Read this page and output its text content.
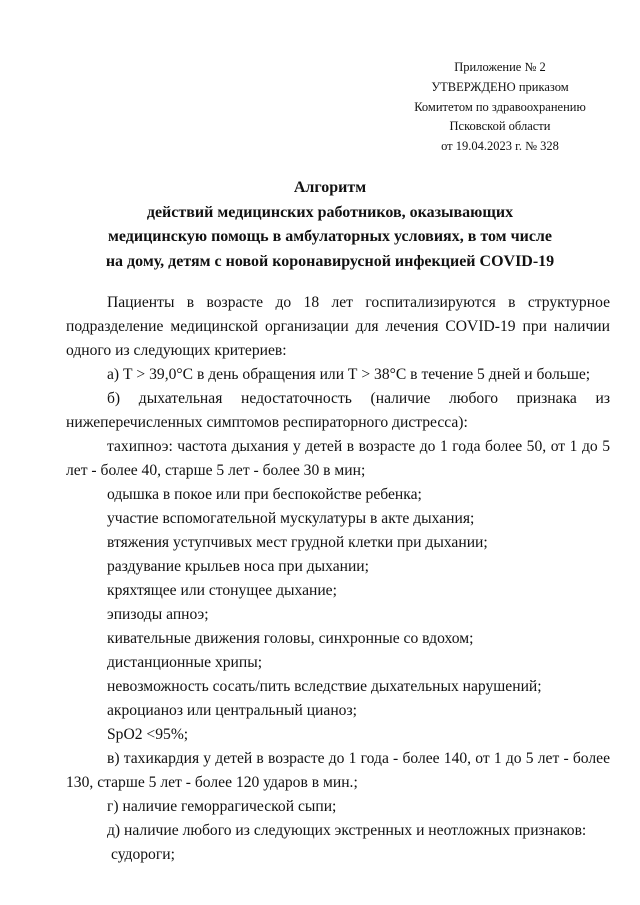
Приложение № 2
УТВЕРЖДЕНО приказом
Комитетом по здравоохранению
Псковской области
от 19.04.2023 г. № 328
Алгоритм
действий медицинских работников, оказывающих
медицинскую помощь в амбулаторных условиях, в том числе
на дому, детям с новой коронавирусной инфекцией COVID-19

Пациенты в возрасте до 18 лет госпитализируются в структурное подразделение медицинской организации для лечения COVID-19 при наличии одного из следующих критериев:

а) Т > 39,0°С в день обращения или Т > 38°С в течение 5 дней и больше;

б) дыхательная недостаточность (наличие любого признака из нижеперечисленных симптомов респираторного дистресса):

тахипноэ: частота дыхания у детей в возрасте до 1 года более 50, от 1 до 5 лет - более 40, старше 5 лет - более 30 в мин;

одышка в покое или при беспокойстве ребенка;
участие вспомогательной мускулатуры в акте дыхания;
втяжения уступчивых мест грудной клетки при дыхании;
раздувание крыльев носа при дыхании;
кряхтящее или стонущее дыхание;
эпизоды апноэ;
кивательные движения головы, синхронные со вдохом;
дистанционные хрипы;
невозможность сосать/пить вследствие дыхательных нарушений;
акроцианоз или центральный цианоз;
SpO2 <95%;

в) тахикардия у детей в возрасте до 1 года - более 140, от 1 до 5 лет - более 130, старше 5 лет - более 120 ударов в мин.;

г) наличие геморрагической сыпи;
д) наличие любого из следующих экстренных и неотложных признаков:
судороги;
